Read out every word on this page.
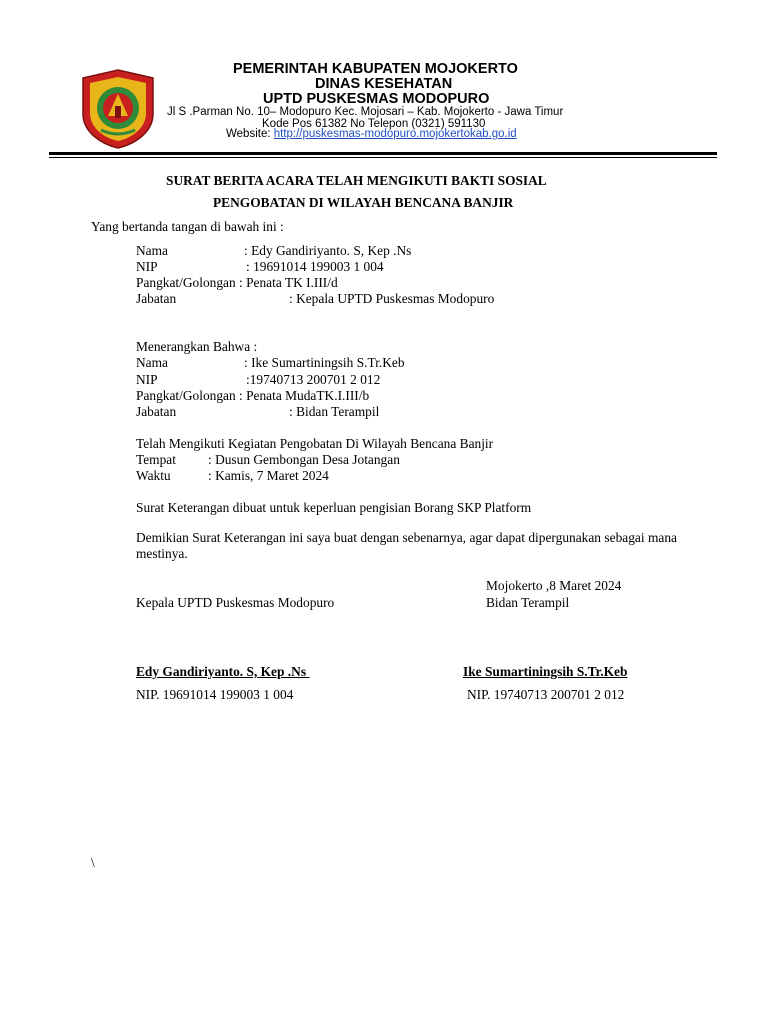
PEMERINTAH KABUPATEN MOJOKERTO
DINAS KESEHATAN
UPTD PUSKESMAS MODOPURO
Jl S .Parman No. 10– Modopuro Kec. Mojosari – Kab. Mojokerto - Jawa Timur
Kode Pos 61382 No Telepon (0321) 591130
Website: http://puskesmas-modopuro.mojokertokab.go.id
SURAT BERITA ACARA TELAH MENGIKUTI BAKTI SOSIAL
PENGOBATAN DI WILAYAH BENCANA BANJIR
Yang bertanda tangan di bawah ini :
Nama	: Edy Gandiriyanto. S, Kep .Ns
NIP	: 19691014 199003 1 004
Pangkat/Golongan : Penata TK I.III/d
Jabatan	: Kepala UPTD Puskesmas Modopuro
Menerangkan Bahwa :
Nama	: Ike Sumartiningsih S.Tr.Keb
NIP	:19740713 200701 2 012
Pangkat/Golongan : Penata MudaTK.I.III/b
Jabatan	: Bidan Terampil
Telah Mengikuti Kegiatan Pengobatan Di Wilayah Bencana Banjir
Tempat : Dusun Gembongan Desa Jotangan
Waktu	: Kamis, 7 Maret 2024
Surat Keterangan dibuat untuk keperluan pengisian Borang SKP Platform
Demikian Surat Keterangan ini saya buat dengan sebenarnya, agar dapat dipergunakan sebagai mana mestinya.
Mojokerto ,8 Maret 2024
Kepala UPTD Puskesmas Modopuro	Bidan Terampil
Edy Gandiriyanto. S, Kep .Ns	Ike Sumartiningsih S.Tr.Keb
NIP. 19691014 199003 1 004	NIP. 19740713 200701 2 012
\
